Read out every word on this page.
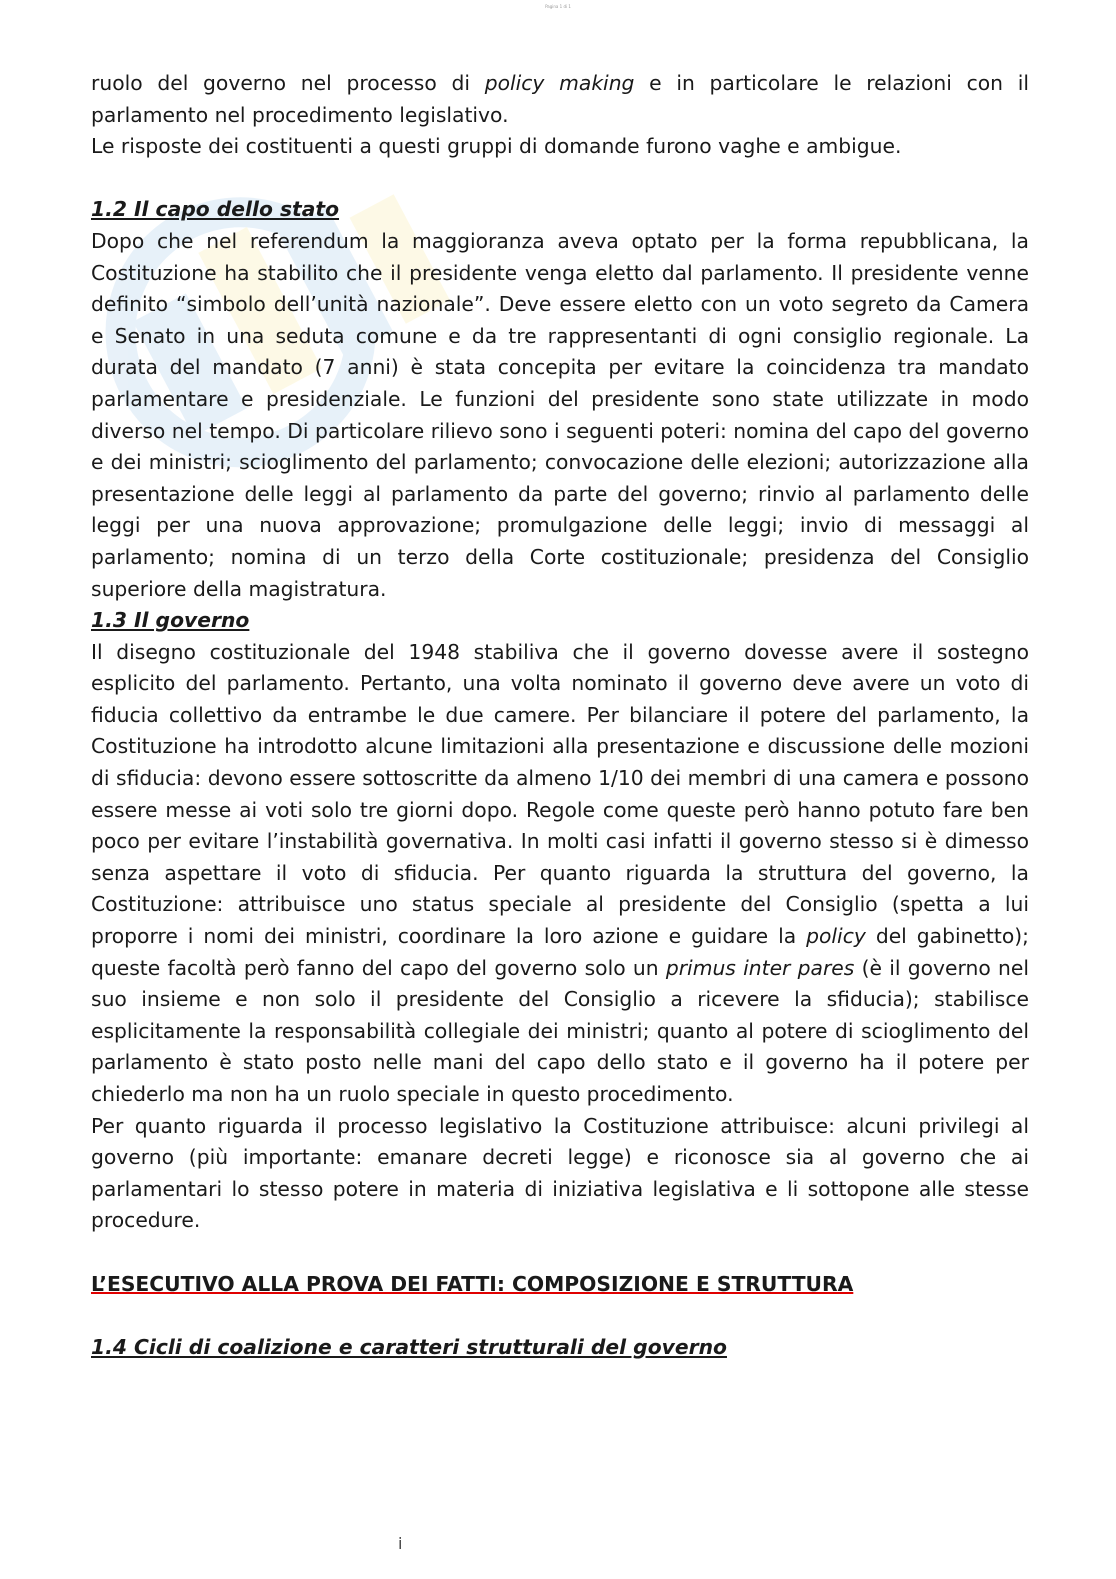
Pagina 1 di 1

ruolo del governo nel processo di policy making e in particolare le relazioni con il parlamento nel procedimento legislativo.

Le risposte dei costituenti a questi gruppi di domande furono vaghe e ambigue.

1.2 Il capo dello stato

Dopo che nel referendum la maggioranza aveva optato per la forma repubblicana, la Costituzione ha stabilito che il presidente venga eletto dal parlamento. Il presidente venne definito “simbolo dell’unità nazionale”. Deve essere eletto con un voto segreto da Camera e Senato in una seduta comune e da tre rappresentanti di ogni consiglio regionale. La durata del mandato (7 anni) è stata concepita per evitare la coincidenza tra mandato parlamentare e presidenziale. Le funzioni del presidente sono state utilizzate in modo diverso nel tempo. Di particolare rilievo sono i seguenti poteri: nomina del capo del governo e dei ministri; scioglimento del parlamento; convocazione delle elezioni; autorizzazione alla presentazione delle leggi al parlamento da parte del governo; rinvio al parlamento delle leggi per una nuova approvazione; promulgazione delle leggi; invio di messaggi al parlamento; nomina di un terzo della Corte costituzionale; presidenza del Consiglio superiore della magistratura.

1.3 Il governo

Il disegno costituzionale del 1948 stabiliva che il governo dovesse avere il sostegno esplicito del parlamento. Pertanto, una volta nominato il governo deve avere un voto di fiducia collettivo da entrambe le due camere. Per bilanciare il potere del parlamento, la Costituzione ha introdotto alcune limitazioni alla presentazione e discussione delle mozioni di sfiducia: devono essere sottoscritte da almeno 1/10 dei membri di una camera e possono essere messe ai voti solo tre giorni dopo. Regole come queste però hanno potuto fare ben poco per evitare l’instabilità governativa. In molti casi infatti il governo stesso si è dimesso senza aspettare il voto di sfiducia. Per quanto riguarda la struttura del governo, la Costituzione: attribuisce uno status speciale al presidente del Consiglio (spetta a lui proporre i nomi dei ministri, coordinare la loro azione e guidare la policy del gabinetto); queste facoltà però fanno del capo del governo solo un primus inter pares (è il governo nel suo insieme e non solo il presidente del Consiglio a ricevere la sfiducia); stabilisce esplicitamente la responsabilità collegiale dei ministri; quanto al potere di scioglimento del parlamento è stato posto nelle mani del capo dello stato e il governo ha il potere per chiederlo ma non ha un ruolo speciale in questo procedimento.

Per quanto riguarda il processo legislativo la Costituzione attribuisce: alcuni privilegi al governo (più importante: emanare decreti legge) e riconosce sia al governo che ai parlamentari lo stesso potere in materia di iniziativa legislativa e li sottopone alle stesse procedure.

L’ESECUTIVO ALLA PROVA DEI FATTI: COMPOSIZIONE E STRUTTURA

1.4 Cicli di coalizione e caratteri strutturali del governo

i
